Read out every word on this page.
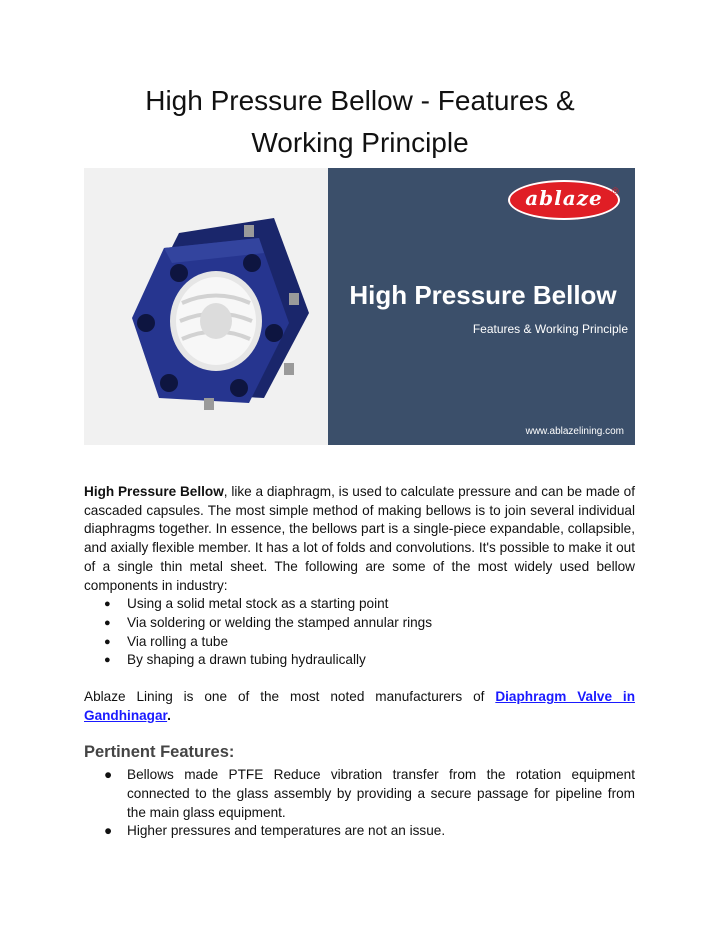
High Pressure Bellow - Features &
Working Principle
ablaze	®
High Pressure Bellow
Features & Working Principle
www.ablazelining.com

High Pressure Bellow, like a diaphragm, is used to calculate pressure and can be made of cascaded capsules. The most simple method of making bellows is to join several individual diaphragms together. In essence, the bellows part is a single-piece expandable, collapsible, and axially flexible member. It has a lot of folds and convolutions. It's possible to make it out of a single thin metal sheet. The following are some of the most widely used bellow components in industry:

● Using a solid metal stock as a starting point
● Via soldering or welding the stamped annular rings
● Via rolling a tube
● By shaping a drawn tubing hydraulically

Ablaze Lining is one of the most noted manufacturers of Diaphragm Valve in Gandhinagar.

Pertinent Features:
● Bellows made PTFE Reduce vibration transfer from the rotation equipment connected to the glass assembly by providing a secure passage for pipeline from the main glass equipment.
● Higher pressures and temperatures are not an issue.
